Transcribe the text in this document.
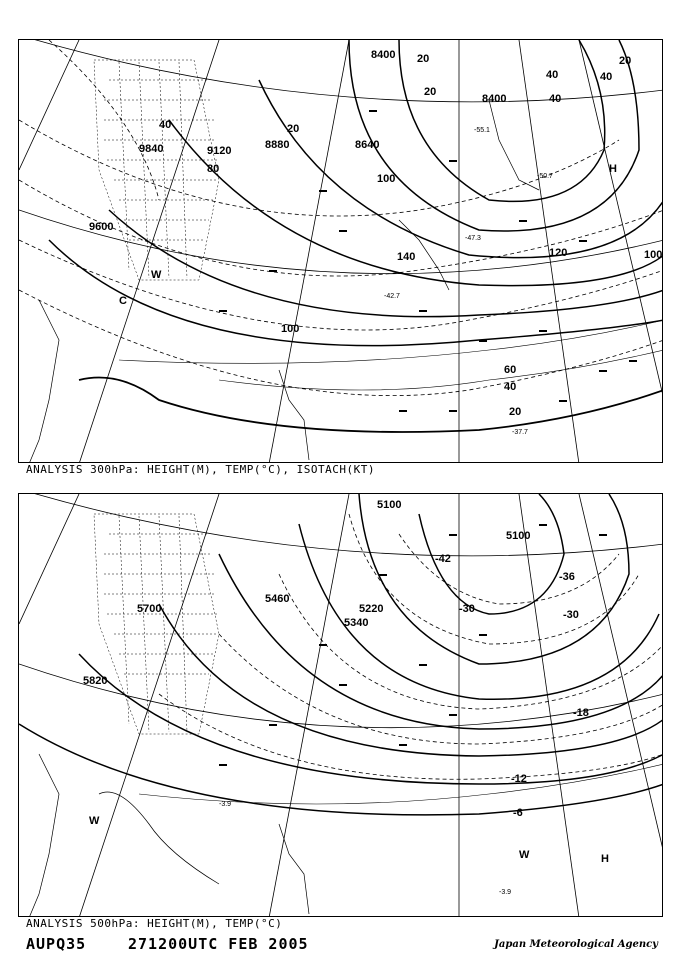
8400
8400
8640
8880
9120
9840
9600
20
20
40	40
40
40	20
100
120
100
140
100
80
60
40
20
20
-55.1
-50.7
-47.3
-42.7
-37.7
C
W
H
ANALYSIS 300hPa: HEIGHT(M), TEMP(°C), ISOTACH(KT)
5100
5100
5340
5220
5460
5700
5820
-42
-36
-30
-30
-18
-12
-6
-3.9
-3.9
W	H
W
ANALYSIS 500hPa: HEIGHT(M), TEMP(°C)
AUPQ35	271200UTC FEB 2005	Japan Meteorological Agency
